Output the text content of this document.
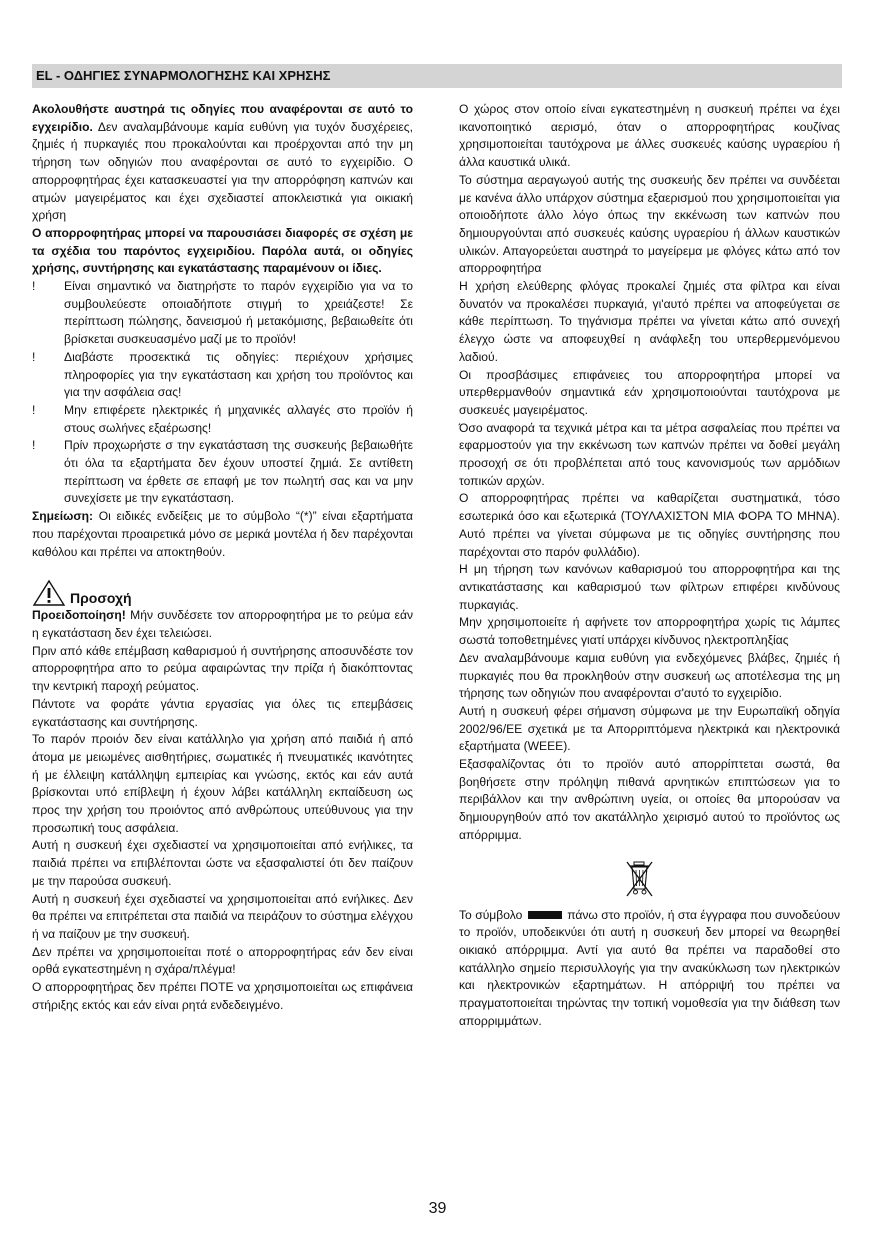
EL - ΟΔΗΓΙΕΣ ΣΥΝΑΡΜΟΛΟΓΗΣΗΣ ΚΑΙ ΧΡΗΣΗΣ

Ακολουθήστε αυστηρά τις οδηγίες που αναφέρονται σε αυτό το εγχειρίδιο. Δεν αναλαμβάνουμε καμία ευθύνη για τυχόν δυσχέρειες, ζημιές ή πυρκαγιές που προκαλούνται και προέρχονται από την μη τήρηση των οδηγιών που αναφέρονται σε αυτό το εγχειρίδιο. Ο απορροφητήρας έχει κατασκευαστεί για την απορρόφηση καπνών και ατμών μαγειρέματος και έχει σχεδιαστεί αποκλειστικά για οικιακή χρήση

Ο απορροφητήρας μπορεί να παρουσιάσει διαφορές σε σχέση με τα σχέδια του παρόντος εγχειριδίου. Παρόλα αυτά, οι οδηγίες χρήσης, συντήρησης και εγκατάστασης παραμένουν οι ίδιες.

!	Είναι σημαντικό να διατηρήστε το παρόν εγχειρίδιο για να το συμβουλεύεστε οποιαδήποτε στιγμή το χρειάζεστε! Σε περίπτωση πώλησης, δανεισμού ή μετακόμισης, βεβαιωθείτε ότι βρίσκεται συσκευασμένο μαζί με το προϊόν!
!	Διαβάστε προσεκτικά τις οδηγίες: περιέχουν χρήσιμες πληροφορίες για την εγκατάσταση και χρήση του προϊόντος και για την ασφάλεια σας!
!	Μην επιφέρετε ηλεκτρικές ή μηχανικές αλλαγές στο προϊόν ή στους σωλήνες εξαέρωσης!
!	Πρίν προχωρήστε σ την εγκατάσταση της συσκευής βεβαιωθήτε ότι όλα τα εξαρτήματα δεν έχουν υποστεί ζημιά. Σε αντίθετη περίπτωση να έρθετε σε επαφή με τον πωλητή σας και να μην συνεχίσετε με την εγκατάσταση.

Σημείωση: Οι ειδικές ενδείξεις με το σύμβολο “(*)” είναι εξαρτήματα που παρέχονται προαιρετικά μόνο σε μερικά μοντέλα ή δεν παρέχονται καθόλου και πρέπει να αποκτηθούν.

Προσοχή

Προειδοποίηση! Μήν συνδέσετε τον απορροφητήρα με το ρεύμα εάν η εγκατάσταση δεν έχει τελειώσει.

Πριν από κάθε επέμβαση καθαρισμού ή συντήρησης αποσυνδέστε τον απορροφητήρα απο το ρεύμα αφαιρώντας την πρίζα ή διακόπτοντας την κεντρική παροχή ρεύματος.

Πάντοτε να φοράτε γάντια εργασίας για όλες τις επεμβάσεις εγκατάστασης και συντήρησης.

Το παρόν προιόν δεν είναι κατάλληλο για χρήση από παιδιά ή από άτομα με μειωμένες αισθητήριες, σωματικές ή πνευματικές ικανότητες ή με έλλειψη κατάλληψη εμπειρίας και γνώσης, εκτός και εάν αυτά βρίσκονται υπό επίβλεψη ή έχουν λάβει κατάλληλη εκπαίδευση ως προς την χρήση του προιόντος από ανθρώπους υπεύθυνους για την προσωπική τους ασφάλεια.

Αυτή η συσκευή έχει σχεδιαστεί να χρησιμοποιείται από ενήλικες, τα παιδιά πρέπει να επιβλέπονται ώστε να εξασφαλιστεί ότι δεν παίζουν με την παρούσα συσκευή.

Αυτή η συσκευή έχει σχεδιαστεί να χρησιμοποιείται από ενήλικες. Δεν θα πρέπει να επιτρέπεται στα παιδιά να πειράζουν το σύστημα ελέγχου ή να παίζουν με την συσκευή.

Δεν πρέπει να χρησιμοποιείται ποτέ ο απορροφητήρας εάν δεν είναι ορθά εγκατεστημένη η σχάρα/πλέγμα!

Ο απορροφητήρας δεν πρέπει ΠΟΤΕ να χρησιμοποιείται ως επιφάνεια στήριξης εκτός και εάν είναι ρητά ενδεδειγμένο.

Ο χώρος στον οποίο είναι εγκατεστημένη η συσκευή πρέπει να έχει ικανοποιητικό αερισμό, όταν ο απορροφητήρας κουζίνας χρησιμοποιείται ταυτόχρονα με άλλες συσκευές καύσης υγραερίου ή άλλα καυστικά υλικά.

Το σύστημα αεραγωγού αυτής της συσκευής δεν πρέπει να συνδέεται με κανένα άλλο υπάρχον σύστημα εξαερισμού που χρησιμοποιείται για οποιοδήποτε άλλο λόγο όπως την εκκένωση των καπνών που δημιουργούνται από συσκευές καύσης υγραερίου ή άλλων καυστικών υλικών. Απαγορεύεται αυστηρά το μαγείρεμα με φλόγες κάτω από τον απορροφητήρα

Η χρήση ελεύθερης φλόγας προκαλεί ζημιές στα φίλτρα και είναι δυνατόν να προκαλέσει πυρκαγιά, γι'αυτό πρέπει να αποφεύγεται σε κάθε περίπτωση. Το τηγάνισμα πρέπει να γίνεται κάτω από συνεχή έλεγχο ώστε να αποφευχθεί η ανάφλεξη του υπερθερμενόμενου λαδιού.

Οι προσβάσιμες επιφάνειες του απορροφητήρα μπορεί να υπερθερμανθούν σημαντικά εάν χρησιμοποιούνται ταυτόχρονα με συσκευές μαγειρέματος.

Όσο αναφορά τα τεχνικά μέτρα και τα μέτρα ασφαλείας που πρέπει να εφαρμοστούν για την εκκένωση των καπνών πρέπει να δοθεί μεγάλη προσοχή σε ότι προβλέπεται από τους κανονισμούς των αρμόδιων τοπικών αρχών.

Ο απορροφητήρας πρέπει να καθαρίζεται συστηματικά, τόσο εσωτερικά όσο και εξωτερικά (ΤΟΥΛΑΧΙΣΤΟΝ ΜΙΑ ΦΟΡΑ ΤΟ ΜΗΝΑ). Αυτό πρέπει να γίνεται σύμφωνα με τις οδηγίες συντήρησης που παρέχονται στο παρόν φυλλάδιο).

Η μη τήρηση των κανόνων καθαρισμού του απορροφητήρα και της αντικατάστασης και καθαρισμού των φίλτρων επιφέρει κινδύνους πυρκαγιάς.

Μην χρησιμοποιείτε ή αφήνετε τον απορροφητήρα χωρίς τις λάμπες σωστά τοποθετημένες γιατί υπάρχει κίνδυνος ηλεκτροπληξίας

Δεν αναλαμβάνουμε καμια ευθύνη για ενδεχόμενες βλάβες, ζημιές ή πυρκαγιές που θα προκληθούν στην συσκευή ως αποτέλεσμα της μη τήρησης των οδηγιών που αναφέρονται σ'αυτό το εγχειρίδιο.

Αυτή η συσκευή φέρει σήμανση σύμφωνα με την Ευρωπαϊκή οδηγία 2002/96/EE σχετικά με τα Απορριπτόμενα ηλεκτρικά και ηλεκτρονικά εξαρτήματα (WEEE).

Εξασφαλίζοντας ότι το προϊόν αυτό απορρίπτεται σωστά, θα βοηθήσετε στην πρόληψη πιθανά αρνητικών επιπτώσεων για το περιβάλλον και την ανθρώπινη υγεία, οι οποίες θα μπορούσαν να δημιουργηθούν από τον ακατάλληλο χειρισμό αυτού το προϊόντος ως απόρριμμα.

Το σύμβολο	πάνω στο προϊόν, ή στα έγγραφα που συνοδεύουν το προϊόν, υποδεικνύει ότι αυτή η συσκευή δεν μπορεί να θεωρηθεί οικιακό απόρριμμα. Αντί για αυτό θα πρέπει να παραδοθεί στο κατάλληλο σημείο περισυλλογής για την ανακύκλωση των ηλεκτρικών και ηλεκτρονικών εξαρτημάτων. Η απόρριψή του πρέπει να πραγματοποιείται τηρώντας την τοπική νομοθεσία για την διάθεση των απορριμμάτων.

39
